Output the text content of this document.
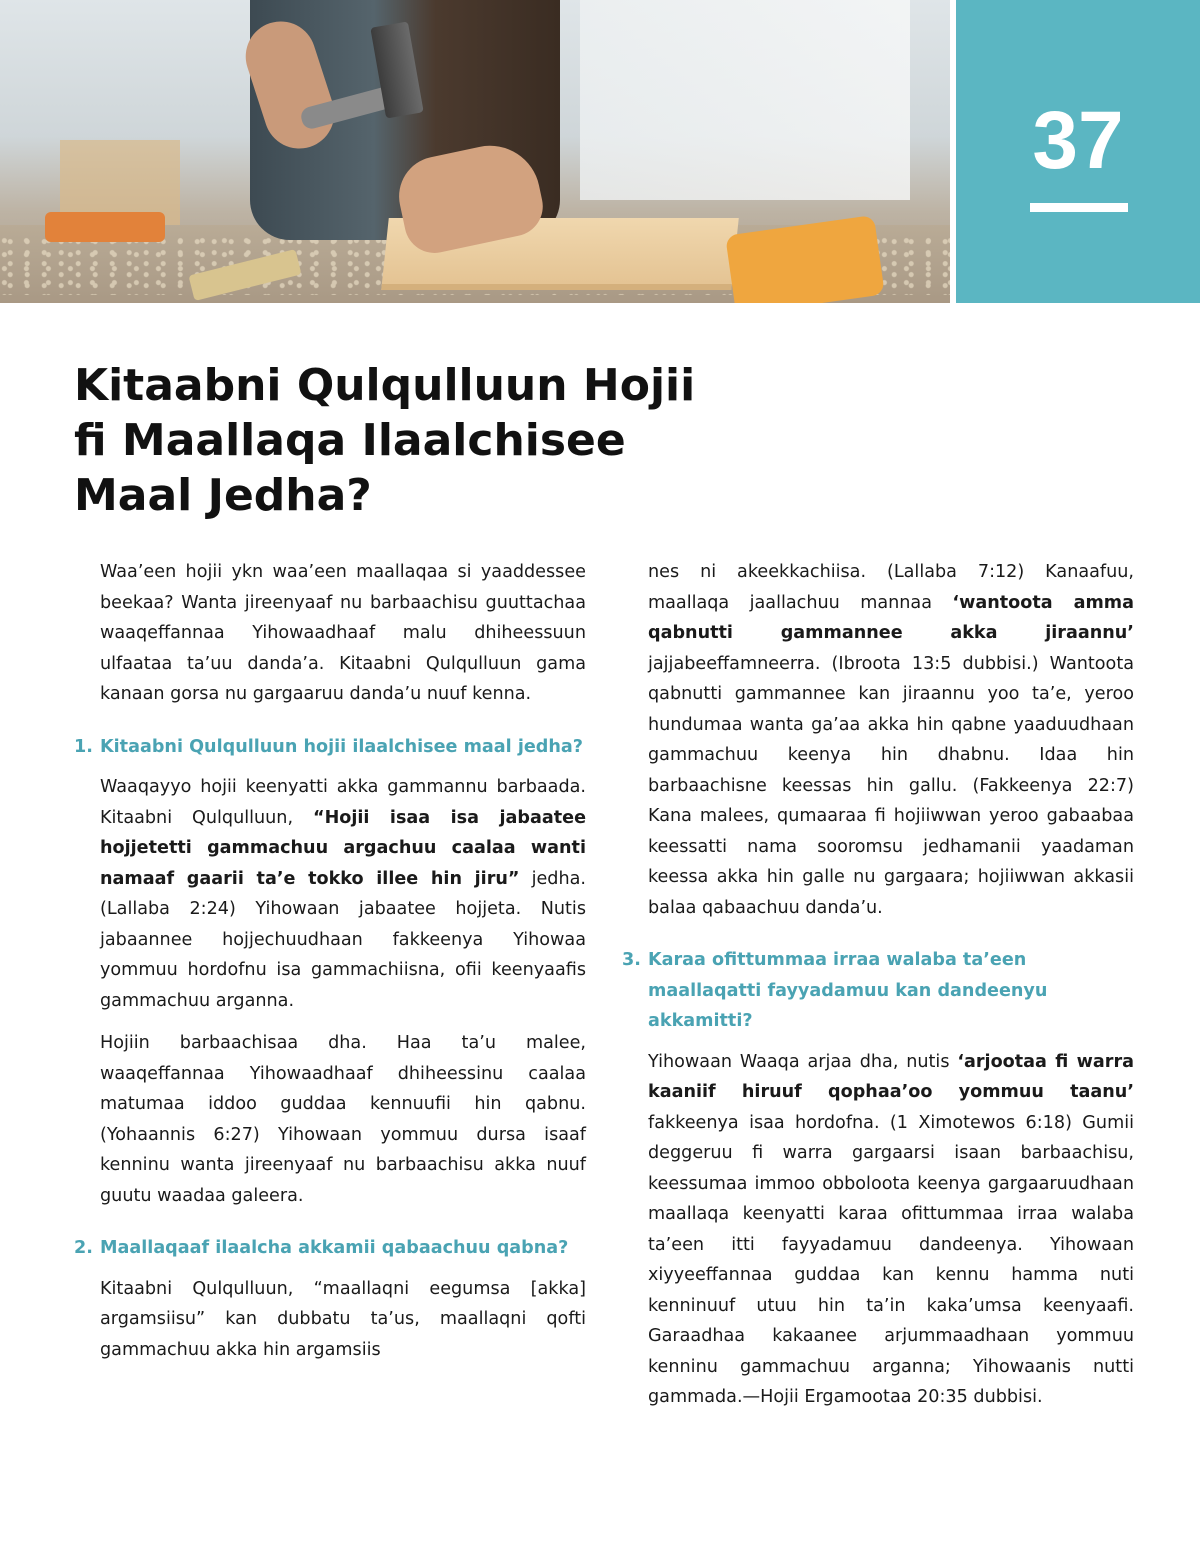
37
Kitaabni Qulqulluun Hojii
fi Maallaqa Ilaalchisee
Maal Jedha?

Waa’een hojii ykn waa’een maallaqaa si yaaddessee beekaa? Wanta jireenyaaf nu barbaachisu guuttachaa waaqeffannaa Yihowaadhaaf malu dhiheessuun ulfaataa ta’uu danda’a. Kitaabni Qulqulluun gama kanaan gorsa nu gargaaruu danda’u nuuf kenna.

1. Kitaabni Qulqulluun hojii ilaalchisee maal jedha?

Waaqayyo hojii keenyatti akka gammannu barbaada. Kitaabni Qulqulluun, “Hojii isaa isa jabaatee hojjetetti gammachuu argachuu caalaa wanti namaaf gaarii ta’e tokko illee hin jiru” jedha. (Lallaba 2:24) Yihowaan jabaatee hojjeta. Nutis jabaannee hojjechuudhaan fakkeenya Yihowaa yommuu hordofnu isa gammachiisna, ofii keenyaafis gammachuu arganna.

Hojiin barbaachisaa dha. Haa ta’u malee, waaqeffannaa Yihowaadhaaf dhiheessinu caalaa matumaa iddoo guddaa kennuufii hin qabnu. (Yohaannis 6:27) Yihowaan yommuu dursa isaaf kenninu wanta jireenyaaf nu barbaachisu akka nuuf guutu waadaa galeera.

2. Maallaqaaf ilaalcha akkamii qabaachuu qabna?

Kitaabni Qulqulluun, “maallaqni eegumsa [akka] argamsiisu” kan dubbatu ta’us, maallaqni qofti gammachuu akka hin argamsiis

nes ni akeekkachiisa. (Lallaba 7:12) Kanaafuu, maallaqa jaallachuu mannaa ‘wantoota amma qabnutti gammannee akka jiraannu’ jajjabeeffamneerra. (Ibroota 13:5 dubbisi.) Wantoota qabnutti gammannee kan jiraannu yoo ta’e, yeroo hundumaa wanta ga’aa akka hin qabne yaaduudhaan gammachuu keenya hin dhabnu. Idaa hin barbaachisne keessas hin gallu. (Fakkeenya 22:7) Kana malees, qumaaraa fi hojiiwwan yeroo gabaabaa keessatti nama sooromsu jedhamanii yaadaman keessa akka hin galle nu gargaara; hojiiwwan akkasii balaa qabaachuu danda’u.

3. Karaa ofittummaa irraa walaba ta’een maallaqatti fayyadamuu kan dandeenyu akkamitti?

Yihowaan Waaqa arjaa dha, nutis ‘arjootaa fi warra kaaniif hiruuf qophaa’oo yommuu taanu’ fakkeenya isaa hordofna. (1 Ximotewos 6:18) Gumii deggeruu fi warra gargaarsi isaan barbaachisu, keessumaa immoo obboloota keenya gargaaruudhaan maallaqa keenyatti karaa ofittummaa irraa walaba ta’een itti fayyadamuu dandeenya. Yihowaan xiyyeeffannaa guddaa kan kennu hamma nuti kenninuuf utuu hin ta’in kaka’umsa keenyaafi. Garaadhaa kakaanee arjummaadhaan yommuu kenninu gammachuu arganna; Yihowaanis nutti gammada.—Hojii Ergamootaa 20:35 dubbisi.
